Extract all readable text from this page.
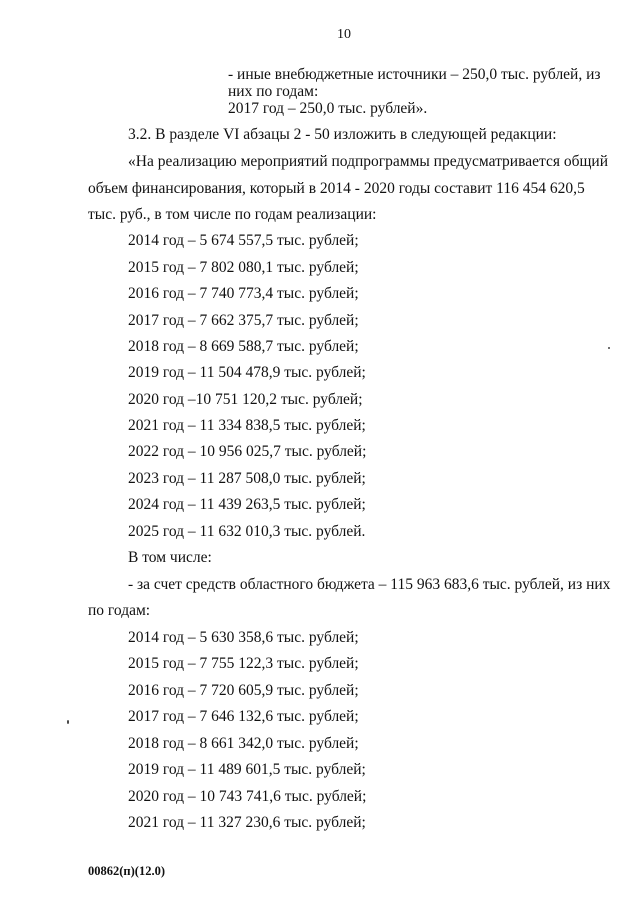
10
- иные внебюджетные источники – 250,0 тыс. рублей, из
них по годам:
2017 год – 250,0 тыс. рублей».
3.2. В разделе VI абзацы 2 - 50 изложить в следующей редакции:
«На реализацию мероприятий подпрограммы предусматривается общий
объем финансирования, который в 2014 - 2020 годы составит 116 454 620,5
тыс. руб., в том числе по годам реализации:
2014 год – 5 674 557,5 тыс. рублей;
2015 год – 7 802 080,1 тыс. рублей;
2016 год – 7 740 773,4 тыс. рублей;
2017 год – 7 662 375,7 тыс. рублей;
2018 год – 8 669 588,7 тыс. рублей;
2019 год – 11 504 478,9 тыс. рублей;
2020 год –10 751 120,2 тыс. рублей;
2021 год – 11 334 838,5 тыс. рублей;
2022 год – 10 956 025,7 тыс. рублей;
2023 год – 11 287 508,0 тыс. рублей;
2024 год – 11 439 263,5 тыс. рублей;
2025 год – 11 632 010,3 тыс. рублей.
В том числе:
- за счет средств областного бюджета – 115 963 683,6 тыс. рублей, из них
по годам:
2014 год – 5 630 358,6 тыс. рублей;
2015 год – 7 755 122,3 тыс. рублей;
2016 год – 7 720 605,9 тыс. рублей;
2017 год – 7 646 132,6 тыс. рублей;
2018 год – 8 661 342,0 тыс. рублей;
2019 год – 11 489 601,5 тыс. рублей;
2020 год – 10 743 741,6 тыс. рублей;
2021 год – 11 327 230,6 тыс. рублей;
00862(п)(12.0)
